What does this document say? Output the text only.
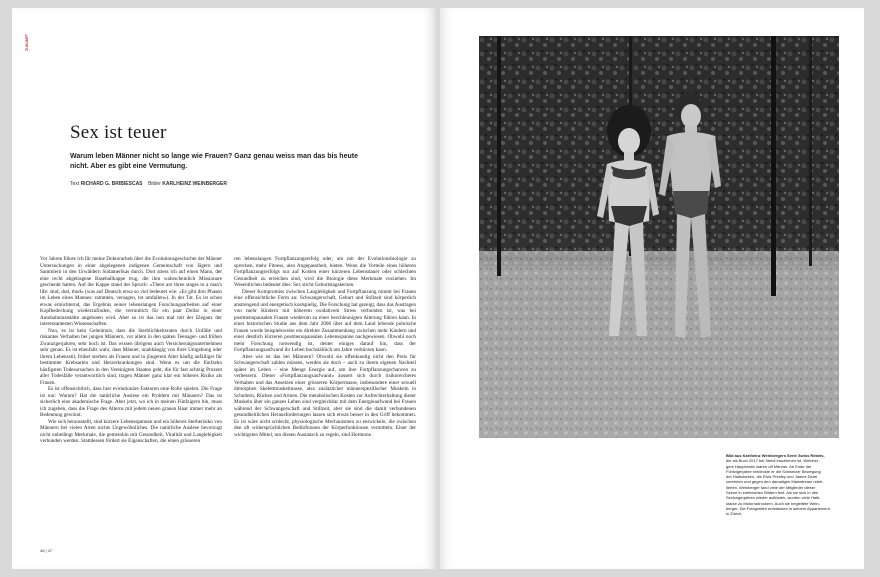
ZUKUNFT
Sex ist teuer
Warum leben Männer nicht so lange wie Frauen? Ganz genau weiss man das bis heute nicht. Aber es gibt eine Vermutung.
Text RICHARD G. BRIBIESCAS Bilder KARLHEINZ WEINBERGER

Vor Jahren führte ich für meine Doktorarbeit über die Evolutionsgeschichte der Männer Untersuchungen in einer abgelegenen indigenen Gemeinschaft von Jägern und Sammlern in den Urwäldern Südamerikas durch. Dort stiess ich auf einen Mann, der eine recht abgetragene Baseballkappe trug, die ihm wahrscheinlich Missionare geschenkt hatten. Auf der Kappe stand der Spruch: «There are three stages to a man's life: stud, dud, thud» (was auf Deutsch etwa so viel bedeutet wie: «Es gibt drei Phasen im Leben eines Mannes: rammeln, versagen, tot umfallen»). In der Tat. Es ist schon etwas ernüchternd, das Ergebnis seiner lebenslangen Forschungsarbeiten auf einer Kopfbedeckung wiederzufinden, die vermutlich für ein paar Dollar in einer Autobahnraststätte angeboten wird. Aber so ist das nun mal mit der Eleganz der interessantesten Wissenschaften.

Nun, es ist kein Geheimnis, dass die Sterblichkeitsraten durch Unfälle und riskantes Verhalten bei jungen Männern, vor allem in den späten Teenager- und frühen Zwanzigerjahren, sehr hoch ist. Das wissen übrigens auch Versicherungsunternehmen sehr genau. Es ist ebenfalls wahr, dass Männer, unabhängig von ihrer Umgebung oder ihrem Lebensstil, früher sterben als Frauen und in jüngerem Alter häufig anfälliger für bestimmte Krebsarten und Herzerkrankungen sind. Wenn es um die fünfzehn häufigsten Todesursachen in den Vereinigten Staaten geht, die für fast achtzig Prozent aller Todesfälle verantwortlich sind, tragen Männer ganz klar ein höheres Risiko als Frauen.

Es ist offensichtlich, dass hier evolutionäre Faktoren eine Rolle spielen. Die Frage ist nur: Warum? Hat die natürliche Auslese ein Problem mit Männern? Das ist sicherlich eine akademische Frage. Aber jetzt, wo ich in meinen Fünfzigern bin, muss ich zugeben, dass die Frage des Alterns mit jedem neuen grauen Haar immer mehr an Bedeutung gewinnt.

Wie sich herausstellt, sind kürzere Lebensspannen und ein höheres Sterberisiko von Männern bei vielen Arten nichts Ungewöhnliches. Die natürliche Auslese bevorzugt nicht unbedingt Merkmale, die gemeinhin mit Gesundheit, Vitalität und Langlebigkeit verbunden werden. Stattdessen fördert sie Eigenschaften, die einen grösseren

ren lebenslangen Fortpflanzungserfolg oder, um mit der Evolutionsbiologie zu sprechen, mehr Fitness, also Angepasstheit, bieten. Wenn die Vorteile eines höheren Fortpflanzungserfolgs nur auf Kosten einer kürzeren Lebensdauer oder schlechten Gesundheit zu erreichen sind, wird die Biologie diese Merkmale vorziehen. Im Wesentlichen bedeutet dies: Sex sticht Geburtstagskerzen.

Dieser Kompromiss zwischen Langlebigkeit und Fortpflanzung nimmt bei Frauen eine offensichtliche Form an: Schwangerschaft, Geburt und Stillzeit sind körperlich anstrengend und energetisch kostspielig. Die Forschung hat gezeigt, dass das Austragen von mehr Kindern mit höherem oxidativem Stress verbunden ist, was bei postmenopausalen Frauen wiederum zu einer beschleunigten Alterung führen kann. In einer historischen Studie aus dem Jahr 2006 über auf dem Land lebende polnische Frauen wurde beispielsweise ein direkter Zusammenhang zwischen mehr Kindern und einer deutlich kürzeren postmenopausalen Lebensspanne nachgewiesen. Obwohl noch mehr Forschung notwendig ist, deutet einiges darauf hin, dass der Fortpflanzungsaufwand ihr Leben buchstäblich um Jahre verkürzen kann.

Aber wie ist das bei Männern? Obwohl sie offenkundig nicht den Preis für Schwangerschaft zahlen müssen, werden sie doch – auch zu ihrem eigenen Nachteil später im Leben – eine Menge Energie auf, um ihre Fortpflanzungschancen zu verbessern. Dieser «Fortpflanzungsaufwand» äussert sich durch risikoreicheres Verhalten und das Ansetzen einer grösseren Körpermasse, insbesondere einer sexuell dimorphen Skelettmuskelmasse, also zusätzlicher männerspezifischer Muskeln in Schultern, Rücken und Armen. Die metabolischen Kosten zur Aufrechterhaltung dieser Muskeln über ein ganzes Leben sind vergleichbar mit dem Energieaufwand bei Frauen während der Schwangerschaft und Stillzeit, aber sie sind die damit verbundenen gesundheitlichen Herausforderungen lassen sich etwas besser in den Griff bekommen. Es ist wäre nicht schlecht, physiologische Mechanismen zu entwickeln, die zwischen den oft widersprüchlichen Bedürfnissen der Körperfunktionen vermitteln. Einer der wichtigsten Mittel, um diesen Austausch zu regeln, sind Hormone.

46 | 47
Bild aus Karlheinz Weinbergers Serie Swiss Rebels,
die als Buch 2017 bei Steidl erschienen ist. Weinber-
gers Hauptmotiv waren oft Männer. Ab Ende der
Fünfzigerjahre entdeckte er die Schweizer Bewegung
der Halbstarken, die Elvis Presley und James Dean
verehrten und gegen den damaligen Mainstream rebel-
lierten. Weinberger fand viele der Mitglieder dieser
Szene in zahlreichen Bildern fest. Als sie sich in den
Sechzigerjahren wieder auflösten, wurden viele Halb-
starke zu Motorradrockern. Auch sie begleitete Wein-
berger. Die Fotografien entstanden in seinem Appartement
in Zürich.
